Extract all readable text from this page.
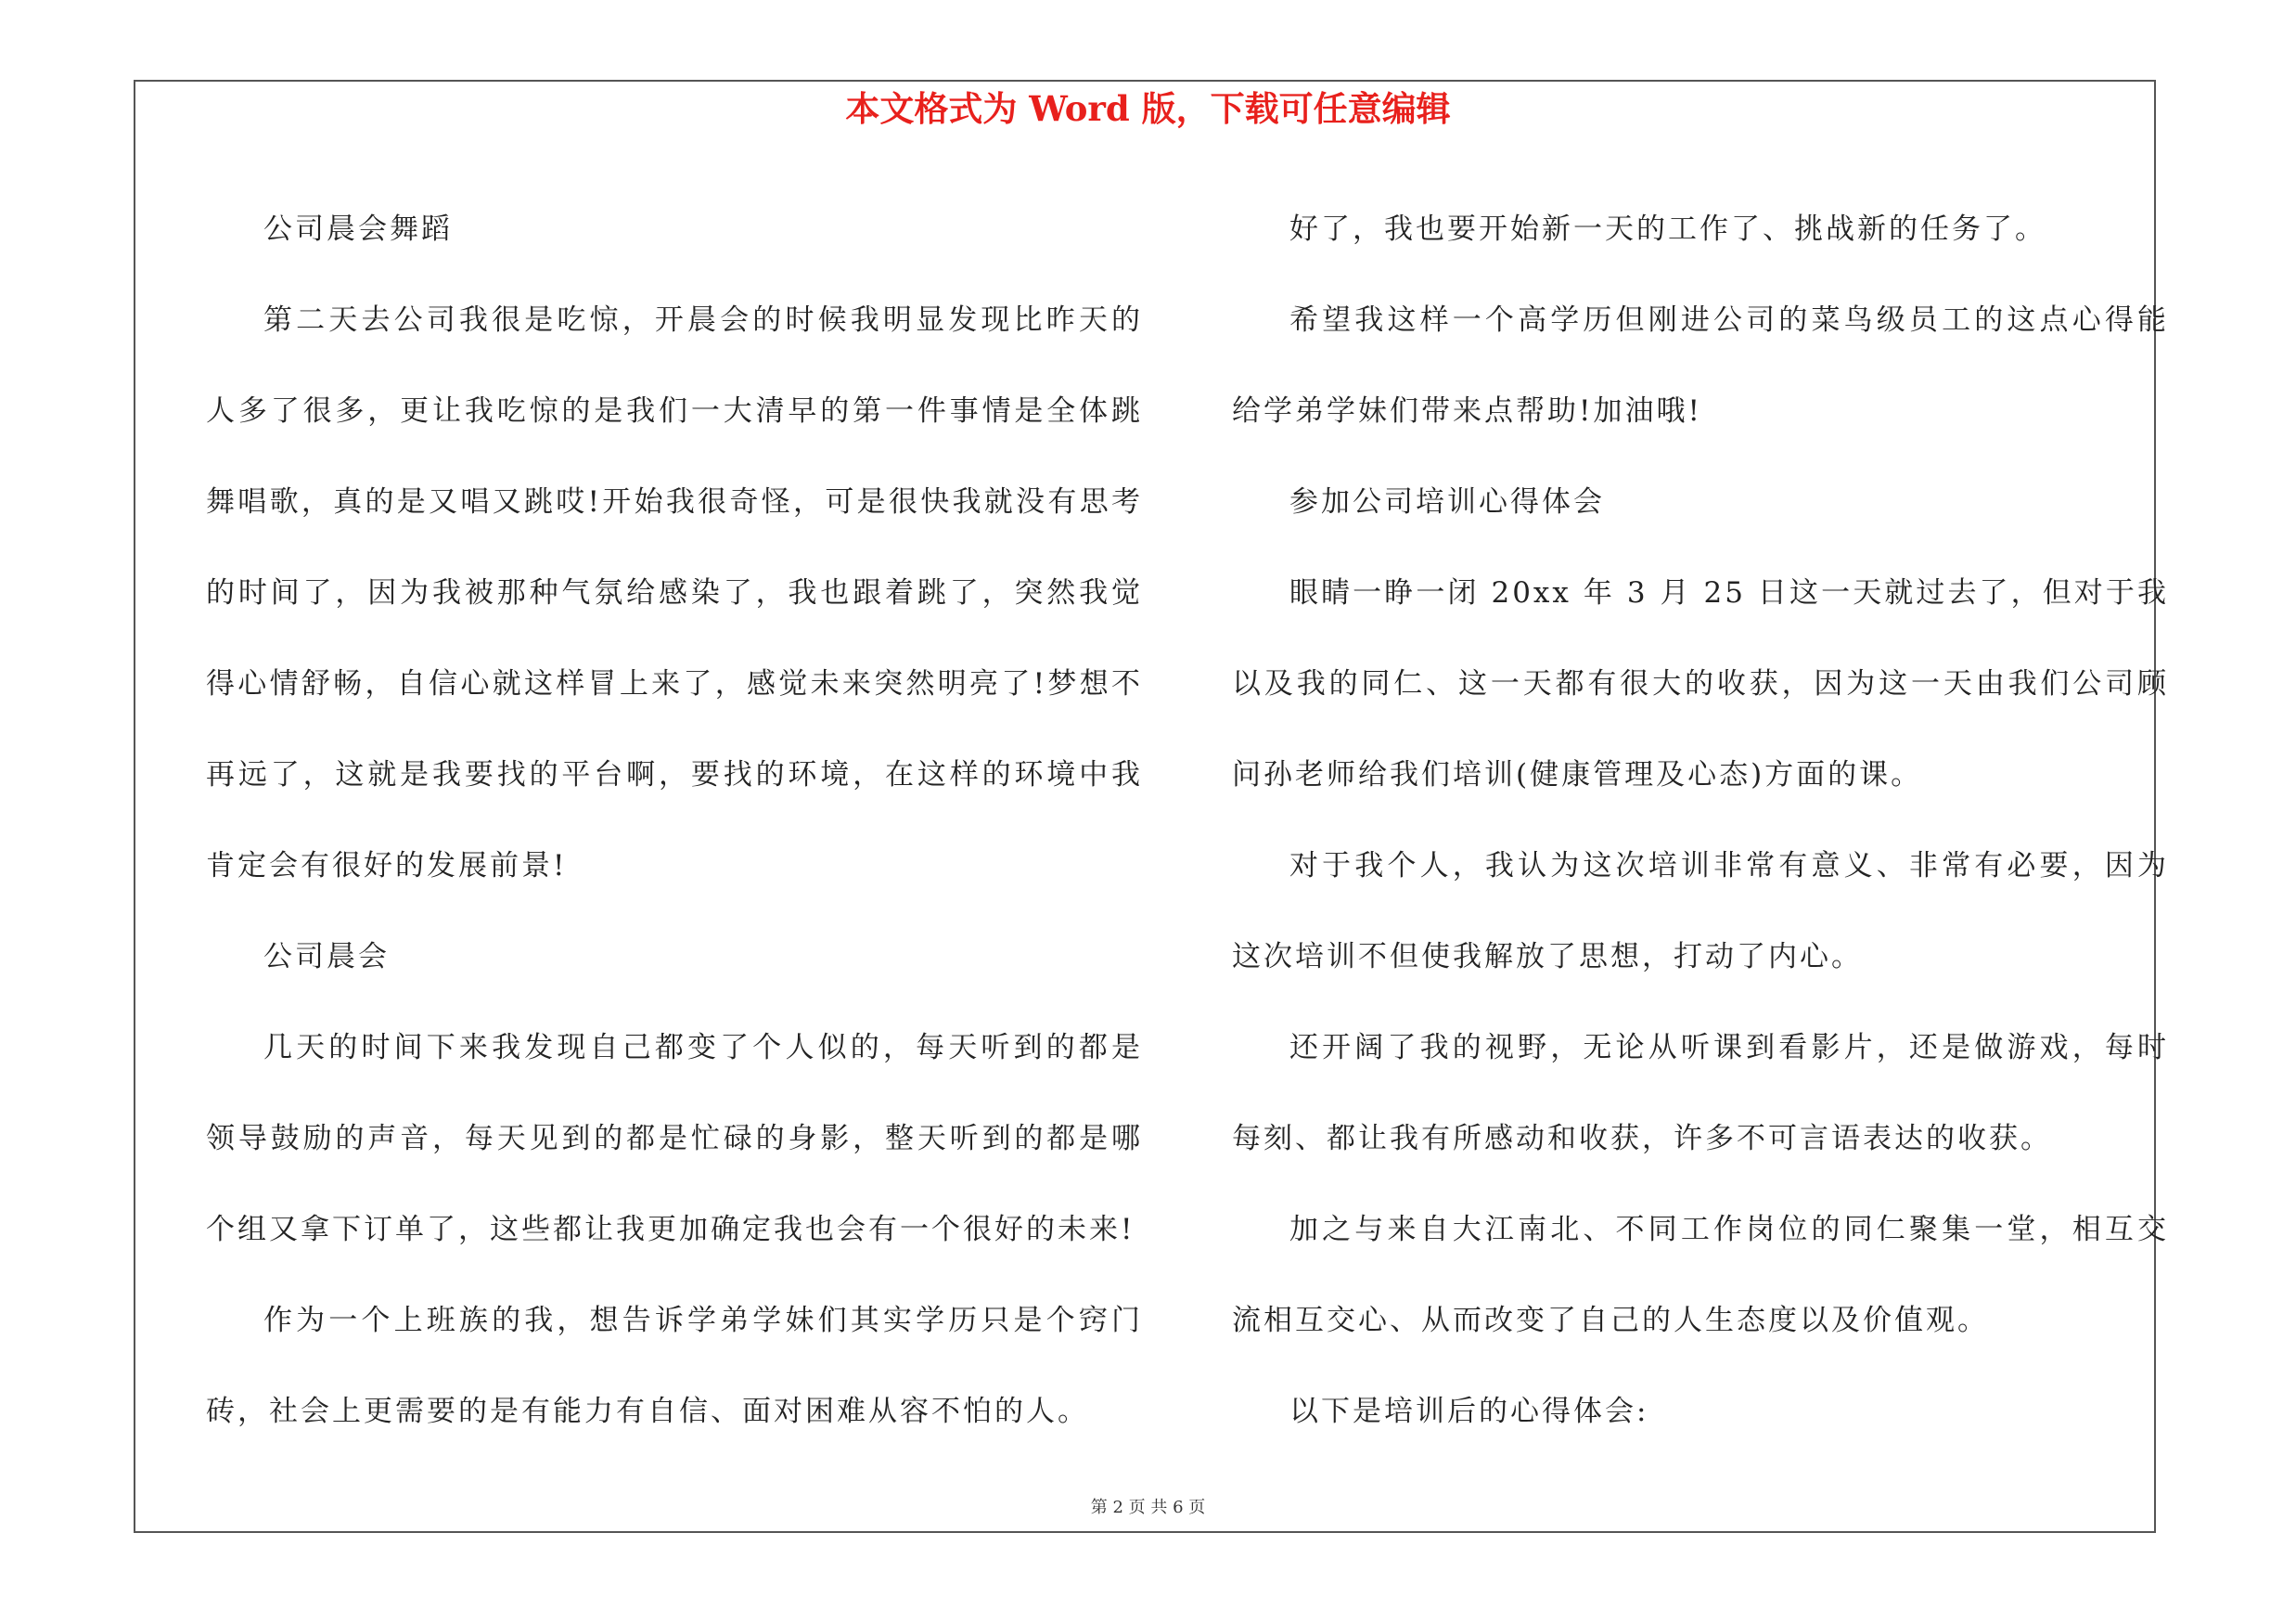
本文格式为 Word 版，下载可任意编辑

公司晨会舞蹈

第二天去公司我很是吃惊，开晨会的时候我明显发现比昨天的人多了很多，更让我吃惊的是我们一大清早的第一件事情是全体跳舞唱歌，真的是又唱又跳哎!开始我很奇怪，可是很快我就没有思考的时间了，因为我被那种气氛给感染了，我也跟着跳了，突然我觉得心情舒畅，自信心就这样冒上来了，感觉未来突然明亮了!梦想不再远了，这就是我要找的平台啊，要找的环境，在这样的环境中我肯定会有很好的发展前景!

公司晨会

几天的时间下来我发现自己都变了个人似的，每天听到的都是领导鼓励的声音，每天见到的都是忙碌的身影，整天听到的都是哪个组又拿下订单了，这些都让我更加确定我也会有一个很好的未来!

作为一个上班族的我，想告诉学弟学妹们其实学历只是个窍门砖，社会上更需要的是有能力有自信、面对困难从容不怕的人。

好了，我也要开始新一天的工作了、挑战新的任务了。

希望我这样一个高学历但刚进公司的菜鸟级员工的这点心得能给学弟学妹们带来点帮助!加油哦!

参加公司培训心得体会

眼睛一睁一闭 20xx 年 3 月 25 日这一天就过去了，但对于我以及我的同仁、这一天都有很大的收获，因为这一天由我们公司顾问孙老师给我们培训(健康管理及心态)方面的课。

对于我个人，我认为这次培训非常有意义、非常有必要，因为这次培训不但使我解放了思想，打动了内心。

还开阔了我的视野，无论从听课到看影片，还是做游戏，每时每刻、都让我有所感动和收获，许多不可言语表达的收获。

加之与来自大江南北、不同工作岗位的同仁聚集一堂，相互交流相互交心、从而改变了自己的人生态度以及价值观。

以下是培训后的心得体会:

第 2 页 共 6 页
